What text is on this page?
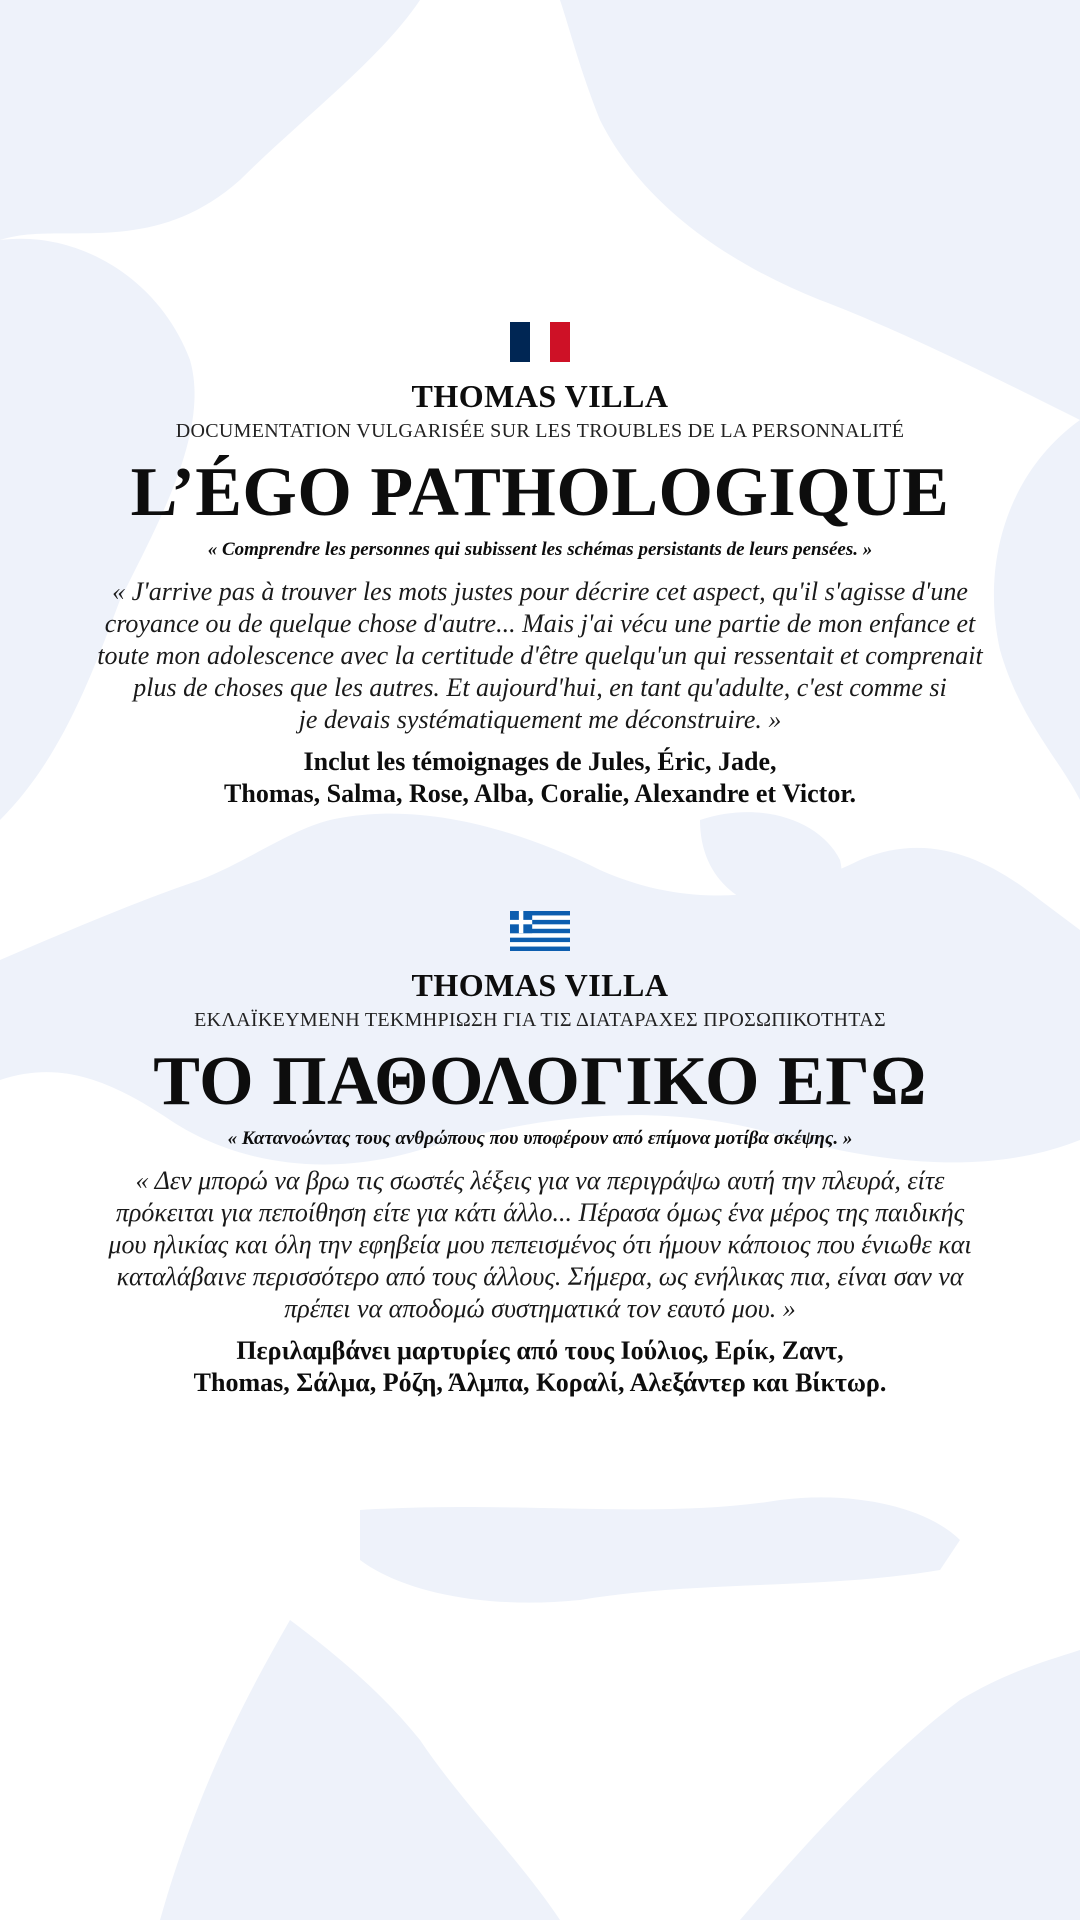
THOMAS VILLA
DOCUMENTATION VULGARISÉE SUR LES TROUBLES DE LA PERSONNALITÉ
L’ÉGO PATHOLOGIQUE
« Comprendre les personnes qui subissent les schémas persistants de leurs pensées. »
« J'arrive pas à trouver les mots justes pour décrire cet aspect, qu'il s'agisse d'une
croyance ou de quelque chose d'autre... Mais j'ai vécu une partie de mon enfance et
toute mon adolescence avec la certitude d'être quelqu'un qui ressentait et comprenait
plus de choses que les autres. Et aujourd'hui, en tant qu'adulte, c'est comme si
je devais systématiquement me déconstruire. »
Inclut les témoignages de Jules, Éric, Jade,
Thomas, Salma, Rose, Alba, Coralie, Alexandre et Victor.
THOMAS VILLA
ΕΚΛΑΪΚΕΥΜΕΝΗ ΤΕΚΜΗΡΙΩΣΗ ΓΙΑ ΤΙΣ ΔΙΑΤΑΡΑΧΕΣ ΠΡΟΣΩΠΙΚΟΤΗΤΑΣ
ΤΟ ΠΑΘΟΛΟΓΙΚΟ ΕΓΩ
« Κατανοώντας τους ανθρώπους που υποφέρουν από επίμονα μοτίβα σκέψης. »
« Δεν μπορώ να βρω τις σωστές λέξεις για να περιγράψω αυτή την πλευρά, είτε
πρόκειται για πεποίθηση είτε για κάτι άλλο... Πέρασα όμως ένα μέρος της παιδικής
μου ηλικίας και όλη την εφηβεία μου πεπεισμένος ότι ήμουν κάποιος που ένιωθε και
καταλάβαινε περισσότερο από τους άλλους. Σήμερα, ως ενήλικας πια, είναι σαν να
πρέπει να αποδομώ συστηματικά τον εαυτό μου. »
Περιλαμβάνει μαρτυρίες από τους Ιούλιος, Ερίκ, Ζαντ,
Thomas, Σάλμα, Ρόζη, Άλμπα, Κοραλί, Αλεξάντερ και Βίκτωρ.
